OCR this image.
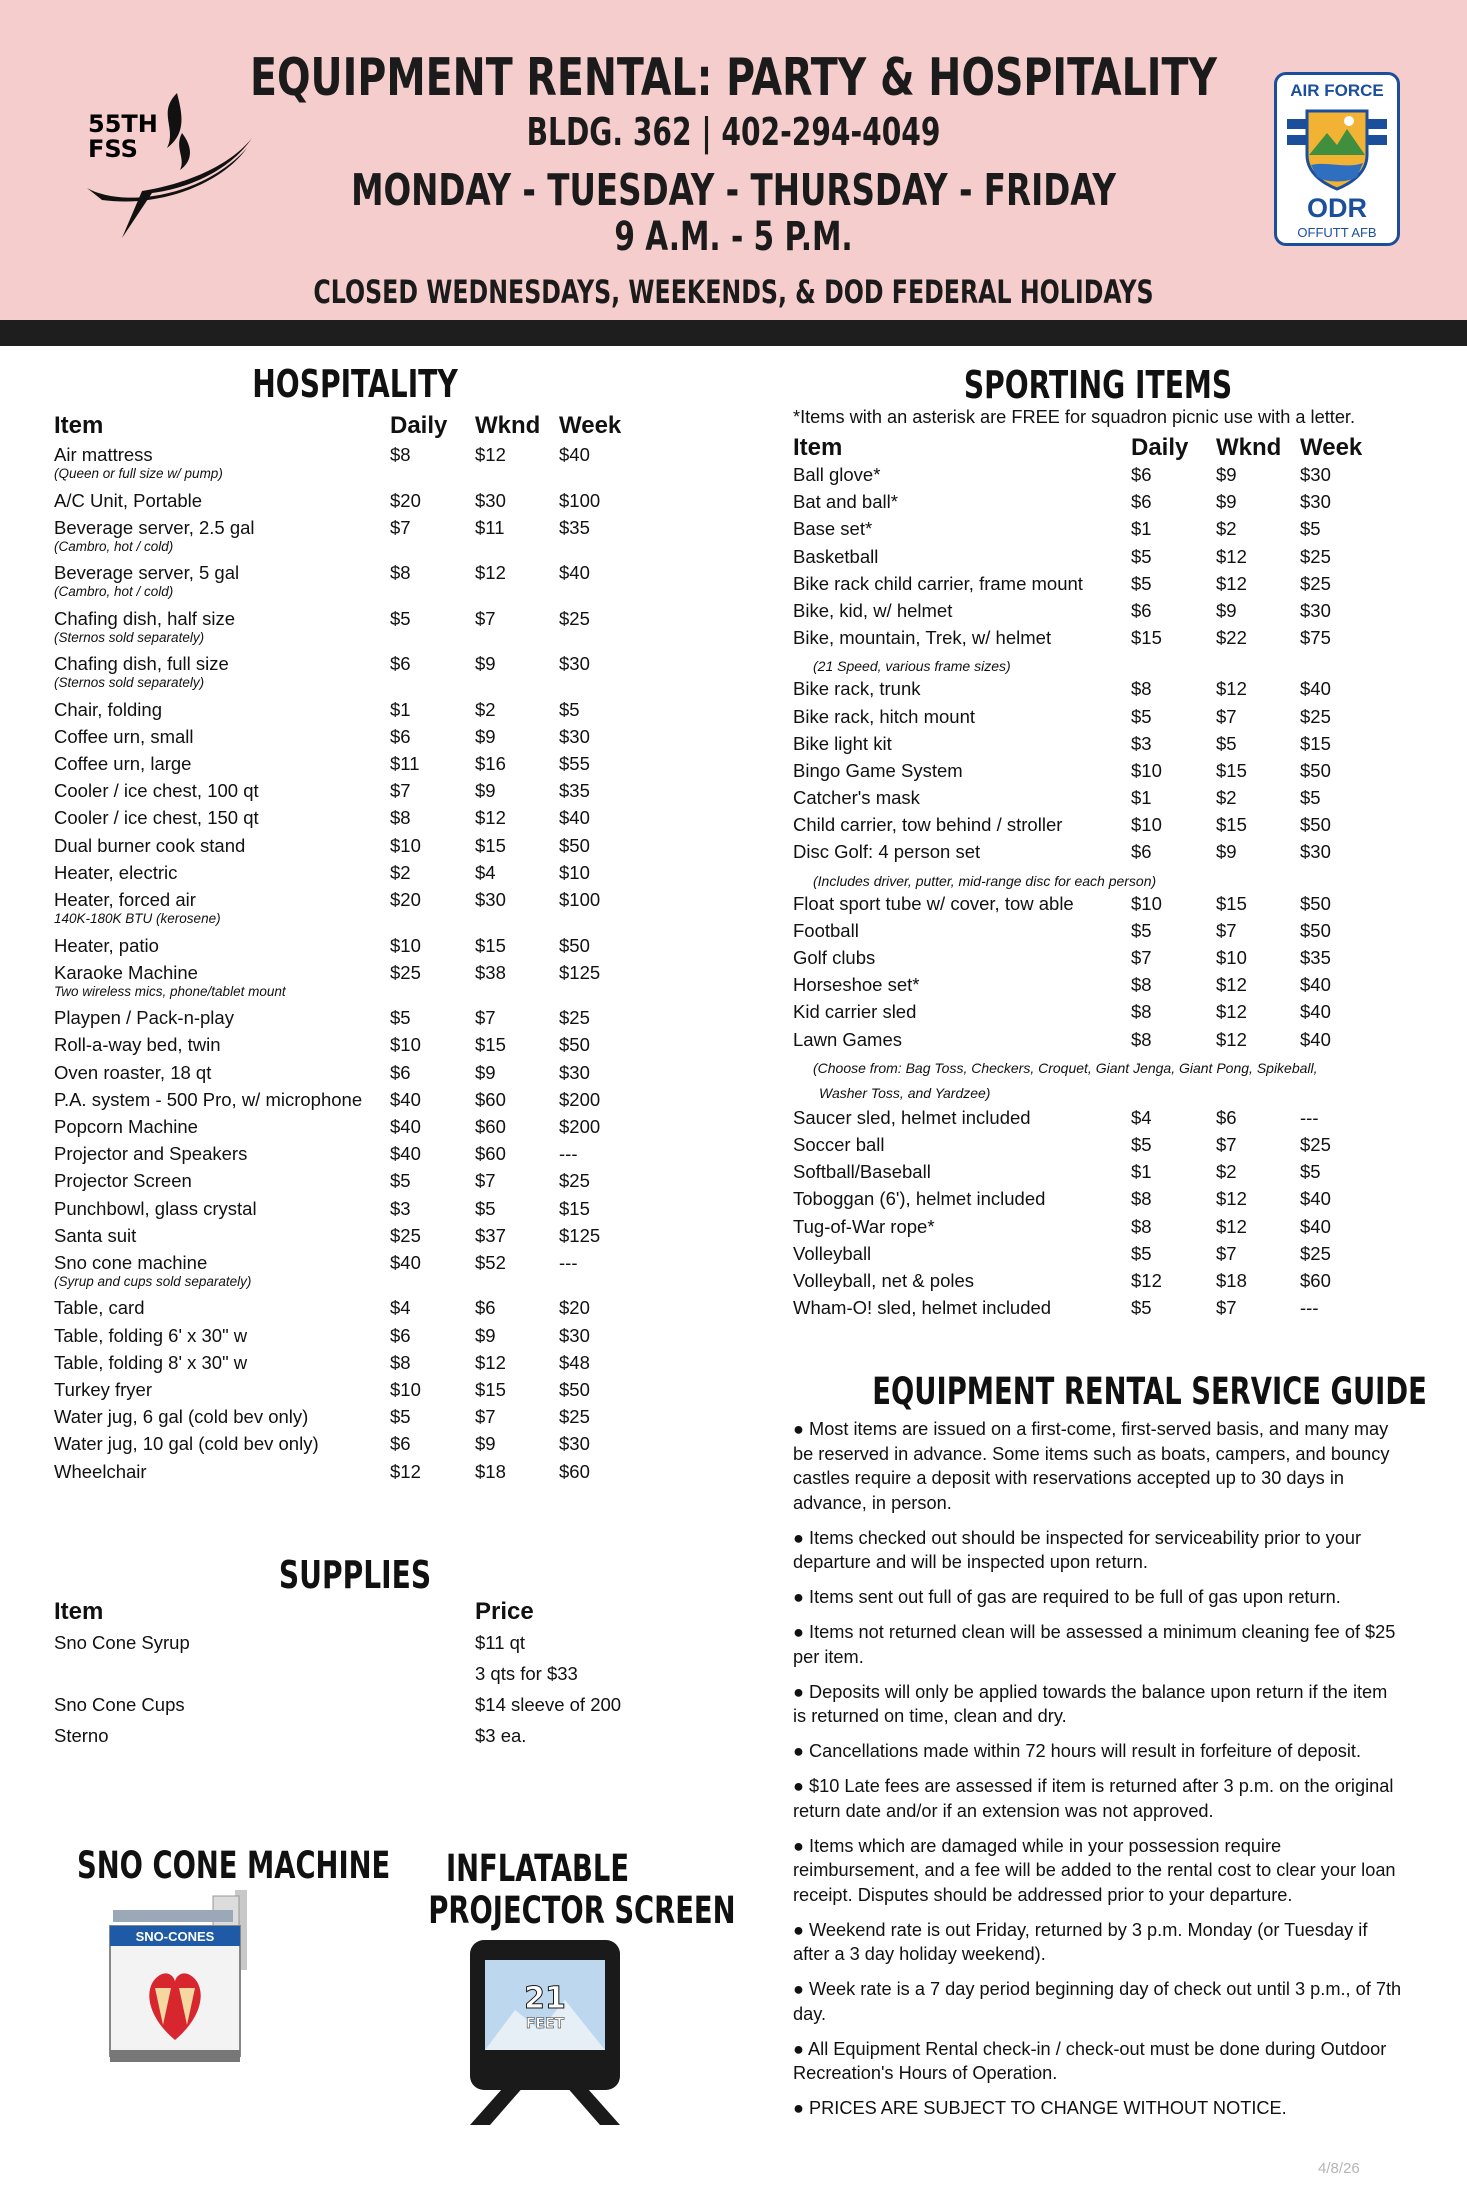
55TH FSS
AIR FORCE
ODR
OFFUTT AFB
EQUIPMENT RENTAL: PARTY & HOSPITALITY
BLDG. 362 | 402-294-4049
MONDAY - TUESDAY - THURSDAY - FRIDAY
9 A.M. - 5 P.M.
CLOSED WEDNESDAYS, WEEKENDS, & DOD FEDERAL HOLIDAYS
HOSPITALITY
Item	Daily Wknd Week
Air mattress	$8	$12	$40
(Queen or full size w/ pump)
A/C Unit, Portable	$20	$30	$100
Beverage server, 2.5 gal	$7	$11	$35
(Cambro, hot / cold)
Beverage server, 5 gal	$8	$12	$40
(Cambro, hot / cold)
Chafing dish, half size	$5	$7	$25
(Sternos sold separately)
Chafing dish, full size	$6	$9	$30
(Sternos sold separately)
Chair, folding	$1	$2	$5
Coffee urn, small	$6	$9	$30
Coffee urn, large	$11	$16	$55
Cooler / ice chest, 100 qt	$7	$9	$35
Cooler / ice chest, 150 qt	$8	$12	$40
Dual burner cook stand	$10	$15	$50
Heater, electric	$2	$4	$10
Heater, forced air	$20	$30	$100
140K-180K BTU (kerosene)
Heater, patio	$10	$15	$50
Karaoke Machine	$25	$38	$125
Two wireless mics, phone/tablet mount
Playpen / Pack-n-play	$5	$7	$25
Roll-a-way bed, twin	$10	$15	$50
Oven roaster, 18 qt	$6	$9	$30
P.A. system - 500 Pro, w/ microphone $40	$60	$200
Popcorn Machine	$40	$60	$200
Projector and Speakers	$40	$60	---
Projector Screen	$5	$7	$25
Punchbowl, glass crystal	$3	$5	$15
Santa suit	$25	$37	$125
Sno cone machine	$40	$52	---
(Syrup and cups sold separately)
Table, card	$4	$6	$20
Table, folding 6' x 30" w	$6	$9	$30
Table, folding 8' x 30" w	$8	$12	$48
Turkey fryer	$10	$15	$50
Water jug, 6 gal (cold bev only)	$5	$7	$25
Water jug, 10 gal (cold bev only)	$6	$9	$30
Wheelchair	$12	$18	$60
SUPPLIES
Item	Price
Sno Cone Syrup	$11 qt
3 qts for $33
Sno Cone Cups	$14 sleeve of 200
Sterno	$3 ea.
SPORTING ITEMS
*Items with an asterisk are FREE for squadron picnic use with a letter.
Item	Daily Wknd Week
Ball glove*	$6	$9	$30
Bat and ball*	$6	$9	$30
Base set*	$1	$2	$5
Basketball	$5	$12	$25
Bike rack child carrier, frame mount	$5	$12	$25
Bike, kid, w/ helmet	$6	$9	$30
Bike, mountain, Trek, w/ helmet	$15	$22	$75
(21 Speed, various frame sizes)
Bike rack, trunk	$8	$12	$40
Bike rack, hitch mount	$5	$7	$25
Bike light kit	$3	$5	$15
Bingo Game System	$10	$15	$50
Catcher's mask	$1	$2	$5
Child carrier, tow behind / stroller	$10	$15	$50
Disc Golf: 4 person set	$6	$9	$30
(Includes driver, putter, mid-range disc for each person)
Float sport tube w/ cover, tow able	$10	$15	$50
Football	$5	$7	$50
Golf clubs	$7	$10	$35
Horseshoe set*	$8	$12	$40
Kid carrier sled	$8	$12	$40
Lawn Games	$8	$12	$40
(Choose from: Bag Toss, Checkers, Croquet, Giant Jenga, Giant Pong, Spikeball,
Washer Toss, and Yardzee)
Saucer sled, helmet included	$4	$6	---
Soccer ball	$5	$7	$25
Softball/Baseball	$1	$2	$5
Toboggan (6'), helmet included	$8	$12	$40
Tug-of-War rope*	$8	$12	$40
Volleyball	$5	$7	$25
Volleyball, net & poles	$12	$18	$60
Wham-O! sled, helmet included	$5	$7	---
EQUIPMENT RENTAL SERVICE GUIDE

● Most items are issued on a first-come, first-served basis, and many may be reserved in advance. Some items such as boats, campers, and bouncy castles require a deposit with reservations accepted up to 30 days in advance, in person.

● Items checked out should be inspected for serviceability prior to your departure and will be inspected upon return.

● Items sent out full of gas are required to be full of gas upon return.

● Items not returned clean will be assessed a minimum cleaning fee of $25 per item.

● Deposits will only be applied towards the balance upon return if the item is returned on time, clean and dry.

● Cancellations made within 72 hours will result in forfeiture of deposit.

● $10 Late fees are assessed if item is returned after 3 p.m. on the original return date and/or if an extension was not approved.

● Items which are damaged while in your possession require reimbursement, and a fee will be added to the rental cost to clear your loan receipt. Disputes should be addressed prior to your departure.

● Weekend rate is out Friday, returned by 3 p.m. Monday (or Tuesday if after a 3 day holiday weekend).

● Week rate is a 7 day period beginning day of check out until 3 p.m., of 7th day.

● All Equipment Rental check-in / check-out must be done during Outdoor Recreation's Hours of Operation.

● PRICES ARE SUBJECT TO CHANGE WITHOUT NOTICE.

SNO CONE MACHINE
SNO-CONES
INFLATABLE
PROJECTOR SCREEN
21
FEET
4/8/26
